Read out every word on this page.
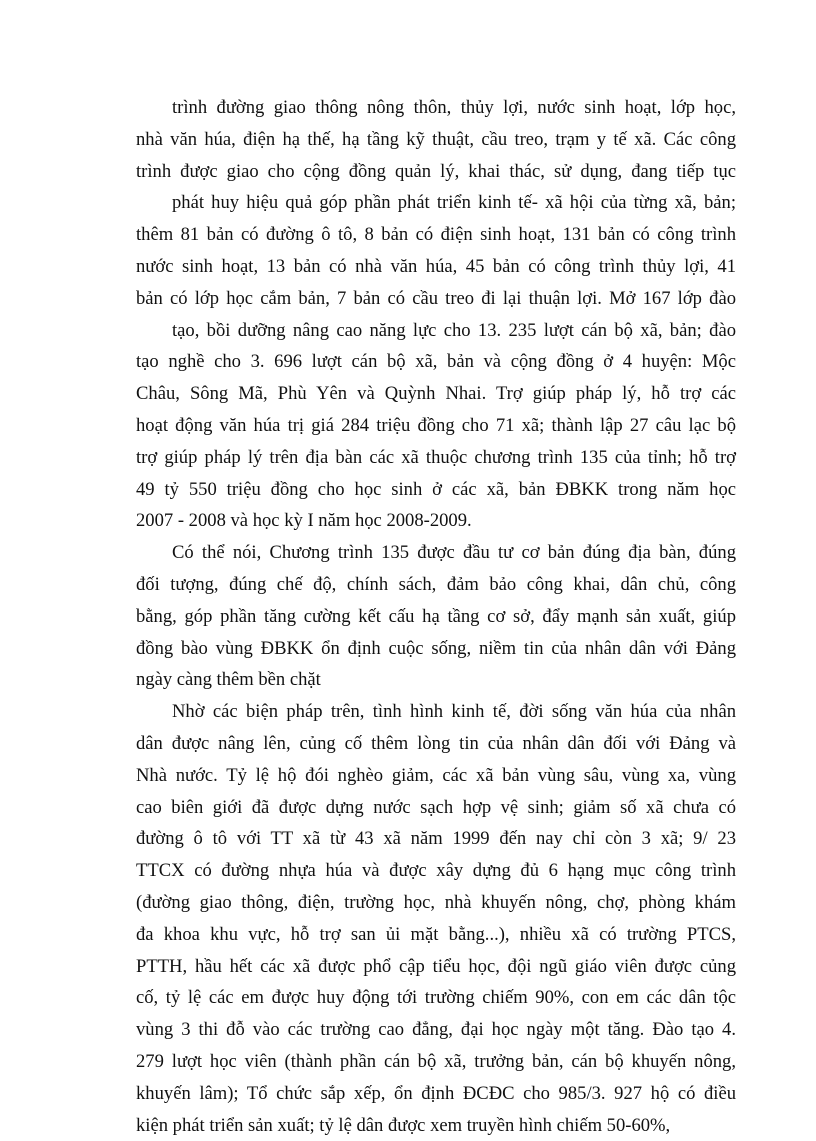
trình đường giao thông nông thôn, thủy lợi, nước sinh hoạt, lớp học,
nhà văn húa, điện hạ thế, hạ tầng kỹ thuật, cầu treo, trạm y tế xã. Các công
trình được giao cho cộng đồng quản lý, khai thác, sử dụng, đang tiếp tục
phát huy hiệu quả góp phần phát triển kinh tế- xã hội của từng xã, bản;
thêm 81 bản có đường ô tô, 8 bản có điện sinh hoạt, 131 bản có công trình
nước sinh hoạt, 13 bản có nhà văn húa, 45 bản có công trình thủy lợi, 41
bản có lớp học cắm bản, 7 bản có cầu treo đi lại thuận lợi. Mở 167 lớp đào
tạo, bồi dưỡng nâng cao năng lực cho 13. 235 lượt cán bộ xã, bản; đào
tạo nghề cho 3. 696 lượt cán bộ xã, bản và cộng đồng ở 4 huyện: Mộc
Châu, Sông Mã, Phù Yên và Quỳnh Nhai. Trợ giúp pháp lý, hỗ trợ các
hoạt động văn húa trị giá 284 triệu đồng cho 71 xã; thành lập 27 câu lạc bộ
trợ giúp pháp lý trên địa bàn các xã thuộc chương trình 135 của tỉnh; hỗ trợ
49 tỷ 550 triệu đồng cho học sinh ở các xã, bản ĐBKK trong năm học
2007 - 2008 và học kỳ I năm học 2008-2009.
Có thể nói, Chương trình 135 được đầu tư cơ bản đúng địa bàn, đúng
đối tượng, đúng chế độ, chính sách, đảm bảo công khai, dân chủ, công
bằng, góp phần tăng cường kết cấu hạ tầng cơ sở, đẩy mạnh sản xuất, giúp
đồng bào vùng ĐBKK ổn định cuộc sống, niềm tin của nhân dân với Đảng
ngày càng thêm bền chặt
Nhờ các biện pháp trên, tình hình kinh tế, đời sống văn húa của nhân
dân được nâng lên, củng cố thêm lòng tin của nhân dân đối với Đảng và
Nhà nước. Tỷ lệ hộ đói nghèo giảm, các xã bản vùng sâu, vùng xa, vùng
cao biên giới đã được dựng nước sạch hợp vệ sinh; giảm số xã chưa có
đường ô tô với TT xã từ 43 xã năm 1999 đến nay chỉ còn 3 xã; 9/ 23
TTCX có đường nhựa húa và được xây dựng đủ 6 hạng mục công trình
(đường giao thông, điện, trường học, nhà khuyến nông, chợ, phòng khám
đa khoa khu vực, hỗ trợ san ủi mặt bằng...), nhiều xã có trường PTCS,
PTTH, hầu hết các xã được phổ cập tiểu học, đội ngũ giáo viên được củng
cố, tỷ lệ các em được huy động tới trường chiếm 90%, con em các dân tộc
vùng 3 thi đỗ vào các trường cao đẳng, đại học ngày một tăng. Đào tạo 4.
279 lượt học viên (thành phần cán bộ xã, trưởng bản, cán bộ khuyến nông,
khuyến lâm); Tổ chức sắp xếp, ổn định ĐCĐC cho 985/3. 927 hộ có điều
kiện phát triển sản xuất; tỷ lệ dân được xem truyền hình chiếm 50-60%,
